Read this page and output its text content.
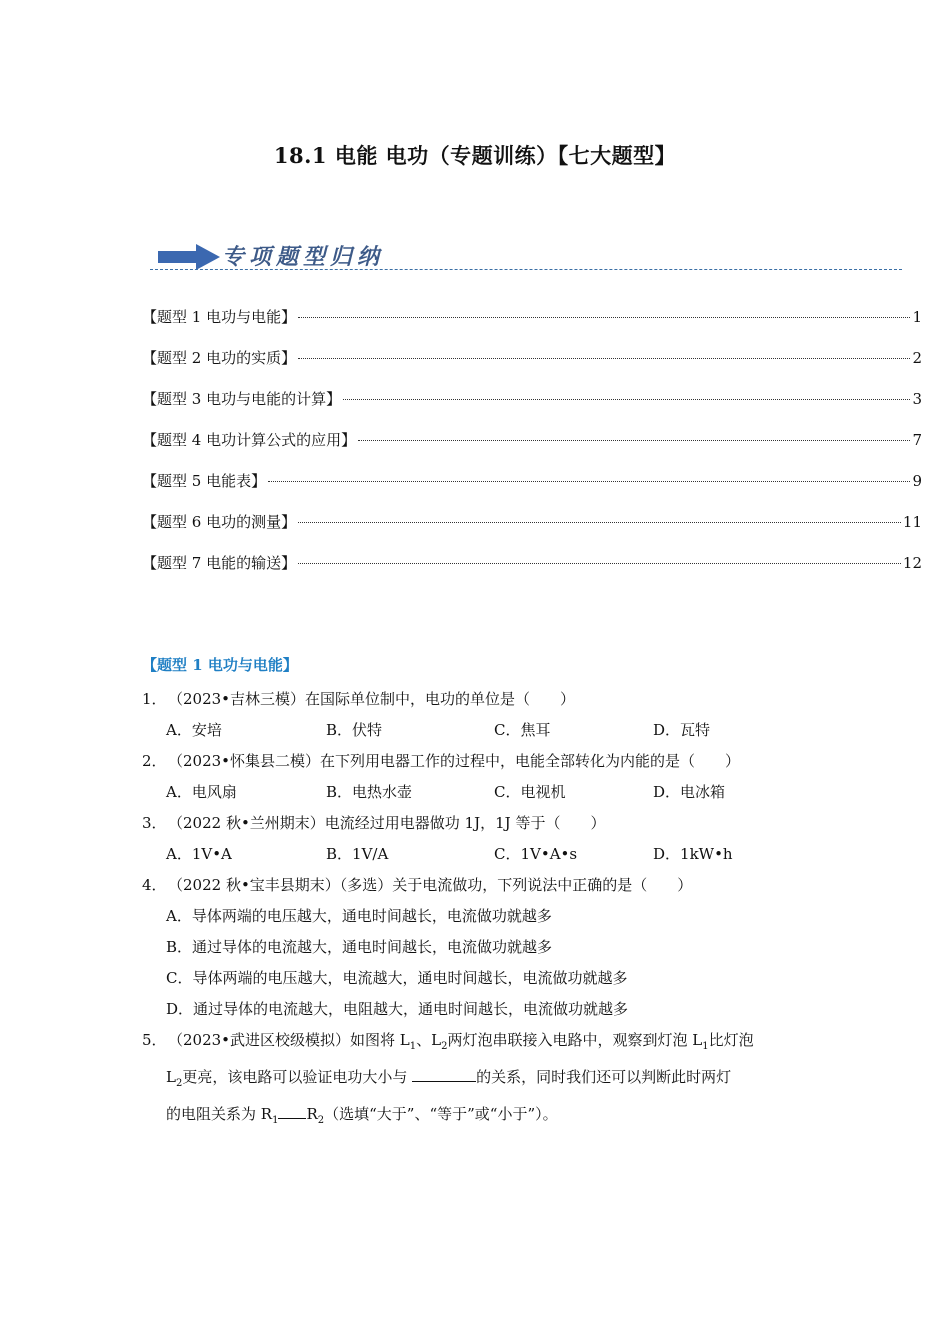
18.1 电能 电功（专题训练）【七大题型】
专项题型归纳
【题型 1 电功与电能】	1
【题型 2 电功的实质】	2
【题型 3 电功与电能的计算】	3
【题型 4 电功计算公式的应用】	7
【题型 5 电能表】	9
【题型 6 电功的测量】	11
【题型 7 电能的输送】	12
【题型 1 电功与电能】
1．（2023•吉林三模）在国际单位制中，电功的单位是（　　）
A．安培	B．伏特	C．焦耳	D．瓦特
2．（2023•怀集县二模）在下列用电器工作的过程中，电能全部转化为内能的是（　　）
A．电风扇	B．电热水壶	C．电视机	D．电冰箱
3．（2022 秋•兰州期末）电流经过用电器做功 1J，1J 等于（　　）
A．1V•A	B．1V/A	C．1V•A•s	D．1kW•h
4．（2022 秋•宝丰县期末）（多选）关于电流做功，下列说法中正确的是（　　）
A．导体两端的电压越大，通电时间越长，电流做功就越多
B．通过导体的电流越大，通电时间越长，电流做功就越多
C．导体两端的电压越大，电流越大，通电时间越长，电流做功就越多
D．通过导体的电流越大，电阻越大，通电时间越长，电流做功就越多
5．（2023•武进区校级模拟）如图将 $L_1$、$L_2$两灯泡串联接入电路中，观察到灯泡 $L_1$比灯泡
$L_2$更亮，该电路可以验证电功大小与	的关系，同时我们还可以判断此时两灯
的电阻关系为 $R_1$ $R_2$（选填“大于”、“等于”或“小于”）。
